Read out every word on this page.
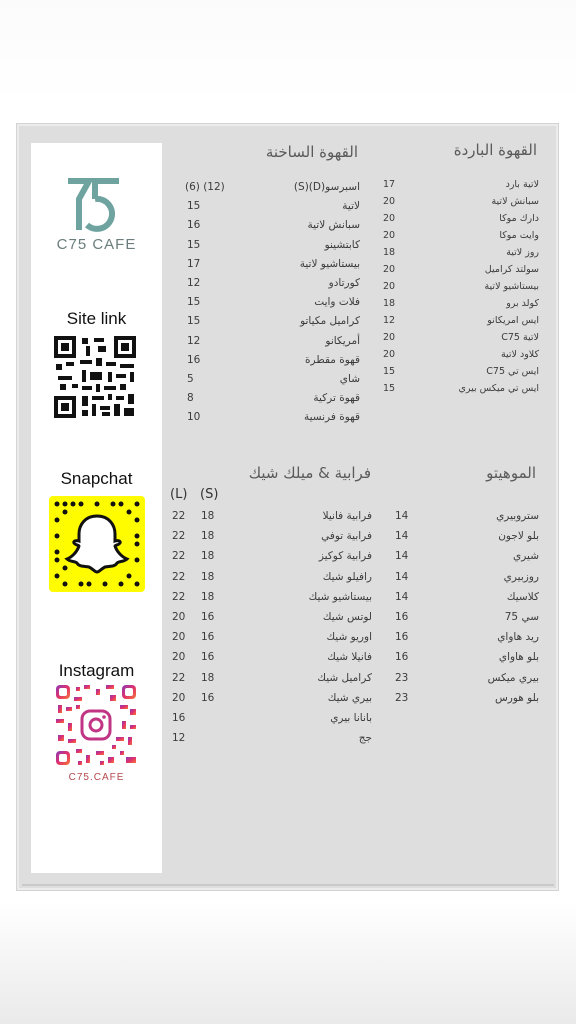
C75 CAFE
Site link
Snapchat
Instagram
C75.CAFE
القهوة الباردة
لاتية بارد
17
سبانش لاتية
20
دارك موكا
20
وايت موكا
20
روز لاتية
18
سولتد كراميل
20
بيستاشيو لاتية
20
كولد برو
18
ايس امريكانو
12
لاتية C75
20
كلاود لاتية
20
ايس تي C75
15
ايس تي ميكس بيري
15
القهوة الساخنة
اسبرسو(D)(S)
(6) (12)
لاتية
15
سبانش لاتية
16
كابتشينو
15
بيستاشيو لاتية
17
كورتادو
12
فلات وايت
15
كراميل مكياتو
15
أمريكانو
12
قهوة مقطرة
16
شاي
5
قهوة تركية
8
قهوة فرنسية
10
الموهيتو
ستروبيري
14
بلو لاجون
14
شيري
14
روزبيري
14
كلاسيك
14
سي 75
16
ريد هاواي
16
بلو هاواي
16
بيري ميكس
23
بلو هورس
23
فرابية & ميلك شيك
(L) (S)
فرابية فانيلا
18
22
فرابية توفي
18
22
فرابية كوكيز
18
22
رافيلو شيك
18
22
بيستاشيو شيك
18
22
لوتس شيك
16
20
اوريو شيك
16
20
فانيلا شيك
16
20
كراميل شيك
18
22
بيري شيك
16
20
بانانا بيري
16
جج
12
